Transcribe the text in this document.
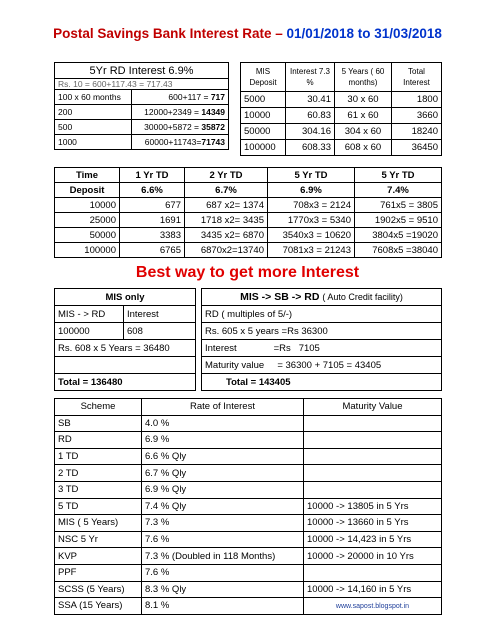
Postal Savings Bank Interest Rate – 01/01/2018 to 31/03/2018
5Yr RD Interest 6.9%	
Rs. 10 = 600+117.43 = 717.43	
100 x 60 months	600+117 = 717
200	12000+2349 = 14349
500	30000+5872 = 35872
1000	60000+11743=71743
MIS Deposit	Interest 7.3 %	5 Years ( 60 months)	Total Interest
5000	30.41	30 x 60	1800
10000	60.83	61 x 60	3660
50000	304.16	304 x 60	18240
100000	608.33	608 x 60	36450
Time	1 Yr TD	2 Yr TD	5 Yr TD	5 Yr TD
Deposit	6.6%	6.7%	6.9%	7.4%
10000	677	687 x2= 1374	708x3 = 2124	761x5 = 3805
25000	1691	1718 x2= 3435	1770x3 = 5340	1902x5 = 9510
50000	3383	3435 x2= 6870	3540x3 = 10620	3804x5 =19020
100000	6765	6870x2=13740	7081x3 = 21243	7608x5 =38040
Best way to get more Interest
MIS only	
MIS - > RD	Interest
100000	608
Rs. 608 x 5 Years = 36480	

Total = 136480	
MIS -> SB -> RD ( Auto Credit facility)
RD ( multiples of 5/-)
Rs. 605 x 5 years =Rs 36300
Interest              =Rs   7105
Maturity value     = 36300 + 7105 = 43405
Total = 143405
Scheme	Rate of Interest	Maturity Value
SB	4.0 %	
RD	6.9 %	
1 TD	6.6 % Qly	
2 TD	6.7 % Qly	
3 TD	6.9 % Qly	
5 TD	7.4 % Qly	10000 -> 13805 in 5 Yrs
MIS ( 5 Years)	7.3 %	10000 -> 13660 in 5 Yrs
NSC 5 Yr	7.6 %	10000 -> 14,423 in 5 Yrs
KVP	7.3 % (Doubled in 118 Months)	10000 -> 20000 in 10 Yrs
PPF	7.6 %	
SCSS (5 Years)	8.3 % Qly	10000 -> 14,160 in 5 Yrs
SSA (15 Years)	8.1 %	www.sapost.blogspot.in
